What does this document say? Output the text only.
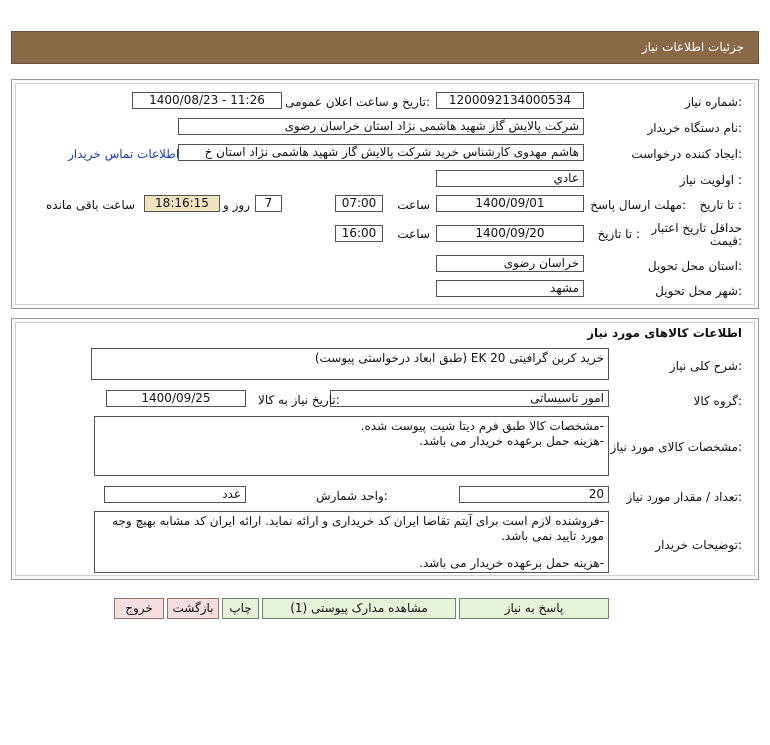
جزئیات اطلاعات نیاز
شماره نیاز:
1200092134000534
تاریخ و ساعت اعلان عمومی:
1400/08/23 - 11:26
نام دستگاه خریدار:
شرکت پالایش گاز شهید هاشمی نژاد استان خراسان رضوی
ایجاد کننده درخواست:
هاشم مهدوی کارشناس خرید شرکت پالایش گاز شهید هاشمی نژاد استان خ
اطلاعات تماس خریدار
اولویت نیاز :
عادي
مهلت ارسال پاسخ: تا تاریخ :
1400/09/01
ساعت
07:00
7
روز و
18:16:15
ساعت باقی مانده
حداقل تاریخ اعتبار
قیمت:
تا تاریخ :
1400/09/20
ساعت
16:00
استان محل تحویل:
خراسان رضوی
شهر محل تحویل:
مشهد
اطلاعات کالاهای مورد نیاز
شرح کلی نیاز:
خرید کربن گرافیتی EK 20 (طبق ابعاد درخواستی پیوست)
گروه کالا:
امور تاسیساتی
تاریخ نیاز به کالا:
1400/09/25
مشخصات کالای مورد نیاز:
-مشخصات کالا طبق فرم دیتا شیت پیوست شده.
-هزینه حمل برعهده خریدار می باشد.
تعداد / مقدار مورد نیاز:
20
واحد شمارش:
عدد
توضیحات خریدار:
-فروشنده لازم است برای آیتم تقاضا ایران کد خریداری و ارائه نماید. ارائه ایران کد مشابه بهیچ وجه مورد تایید نمی باشد.
-هزینه حمل برعهده خریدار می باشد.
پاسخ به نیاز
مشاهده مدارک پیوستی (1)
چاپ
بازگشت
خروج
